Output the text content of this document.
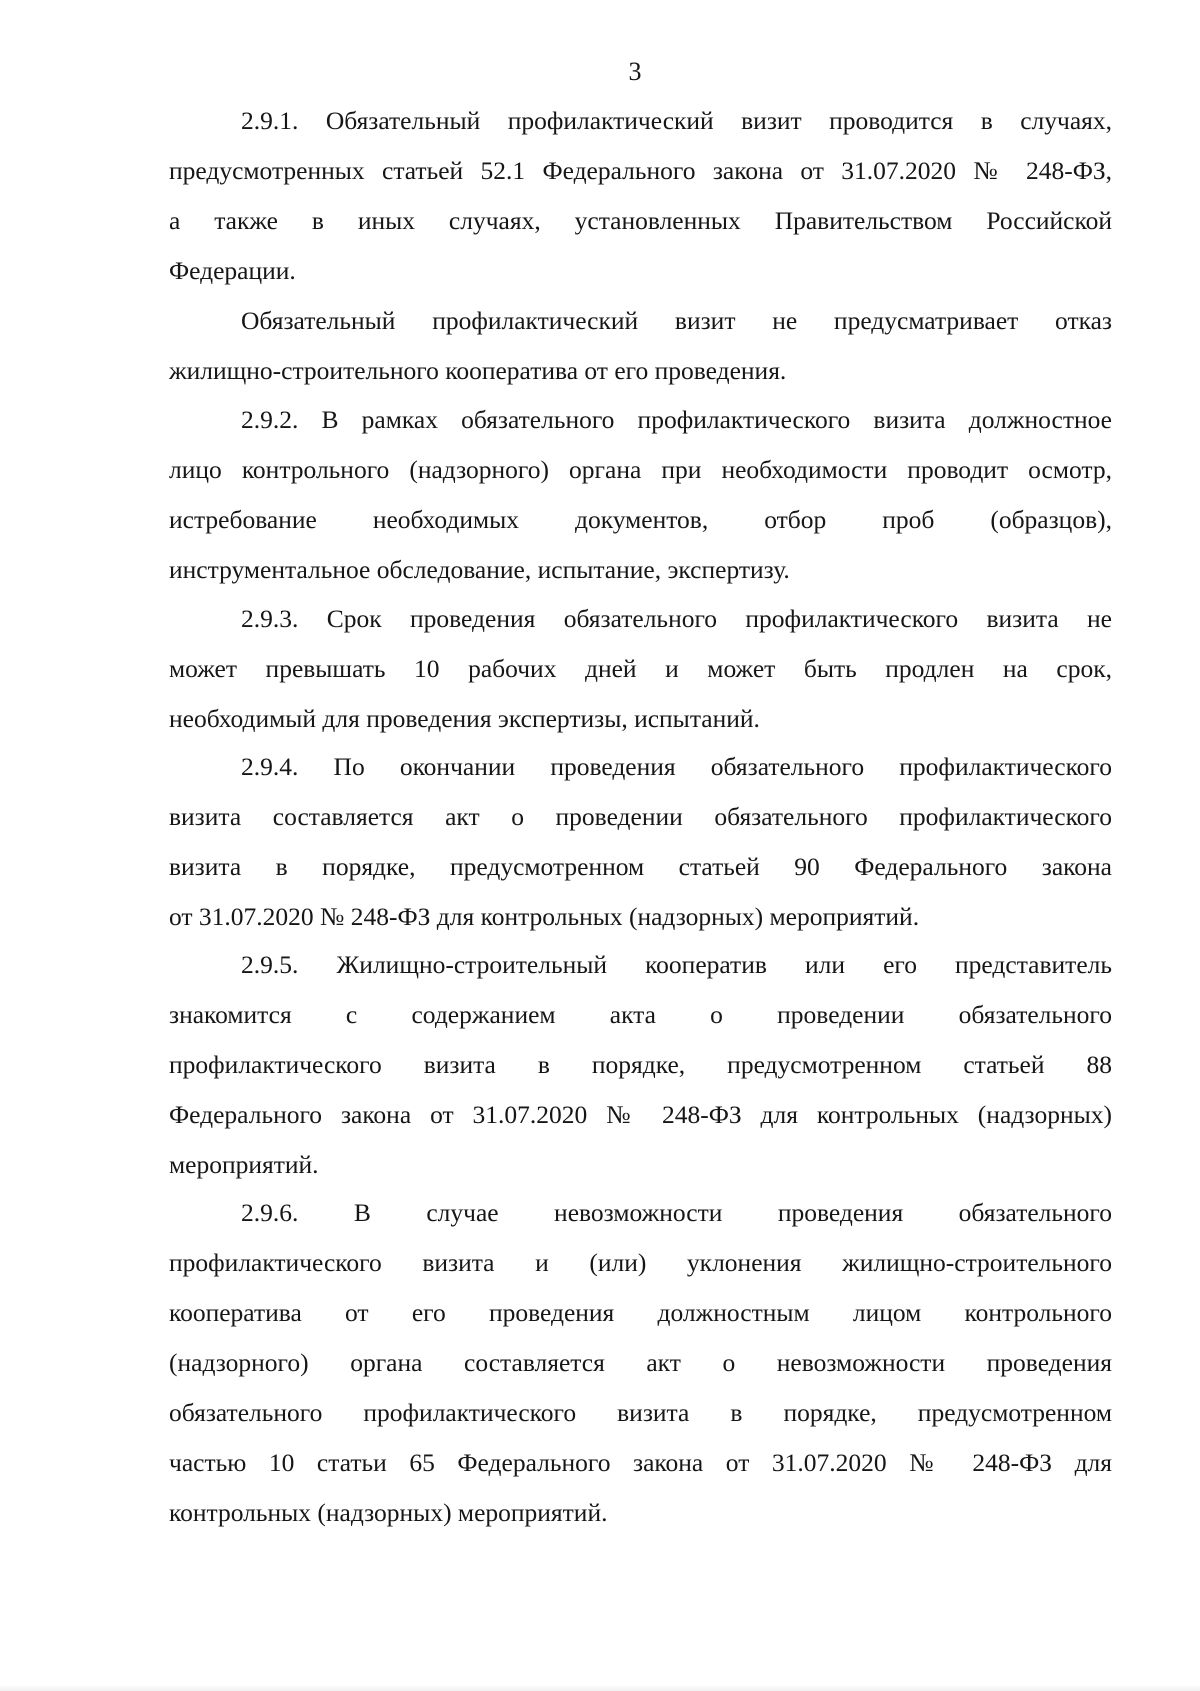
3
2.9.1. Обязательный профилактический визит проводится в случаях,
предусмотренных статьей 52.1 Федерального закона от 31.07.2020 № 248-ФЗ,
а также в иных случаях, установленных Правительством Российской
Федерации.
Обязательный профилактический визит не предусматривает отказ
жилищно-строительного кооператива от его проведения.
2.9.2. В рамках обязательного профилактического визита должностное
лицо контрольного (надзорного) органа при необходимости проводит осмотр,
истребование необходимых документов, отбор проб (образцов),
инструментальное обследование, испытание, экспертизу.
2.9.3. Срок проведения обязательного профилактического визита не
может превышать 10 рабочих дней и может быть продлен на срок,
необходимый для проведения экспертизы, испытаний.
2.9.4. По окончании проведения обязательного профилактического
визита составляется акт о проведении обязательного профилактического
визита в порядке, предусмотренном статьей 90 Федерального закона
от 31.07.2020 № 248-ФЗ для контрольных (надзорных) мероприятий.
2.9.5. Жилищно-строительный кооператив или его представитель
знакомится с содержанием акта о проведении обязательного
профилактического визита в порядке, предусмотренном статьей 88
Федерального закона от 31.07.2020 № 248-ФЗ для контрольных (надзорных)
мероприятий.
2.9.6. В случае невозможности проведения обязательного
профилактического визита и (или) уклонения жилищно-строительного
кооператива от его проведения должностным лицом контрольного
(надзорного) органа составляется акт о невозможности проведения
обязательного профилактического визита в порядке, предусмотренном
частью 10 статьи 65 Федерального закона от 31.07.2020 № 248-ФЗ для
контрольных (надзорных) мероприятий.
